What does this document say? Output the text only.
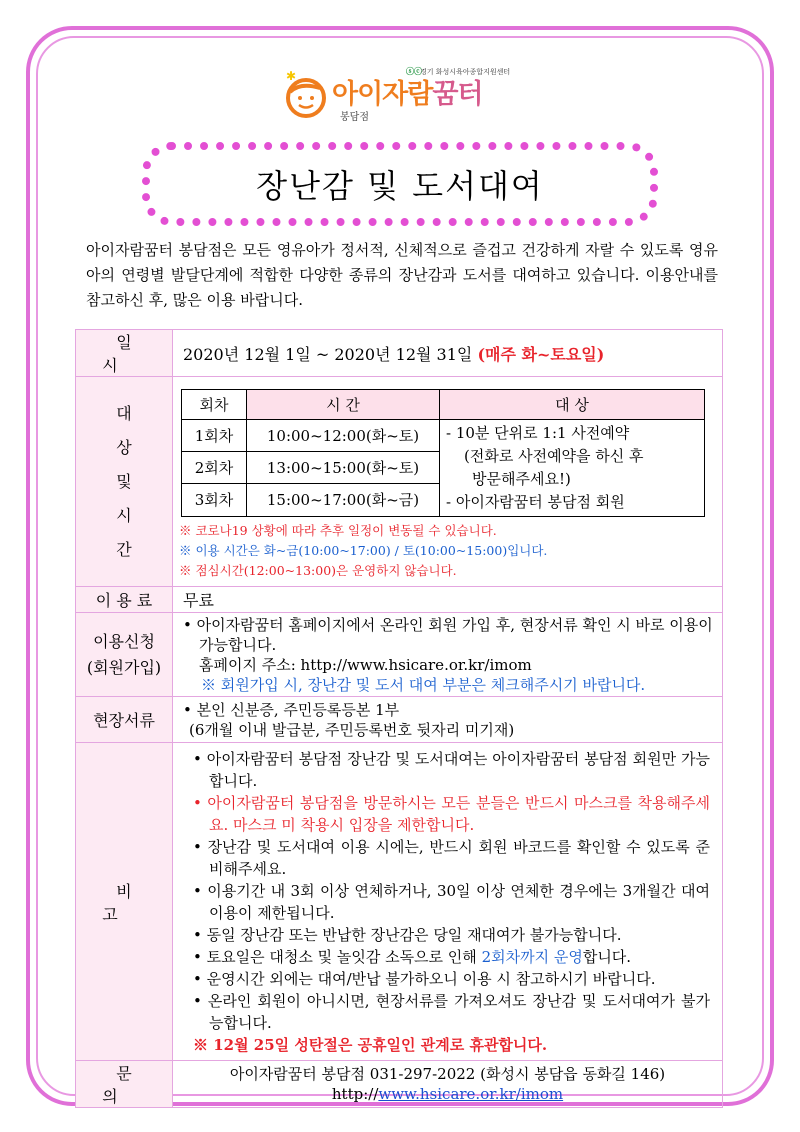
✱
아이자람꿈터
봉담점
ⓢⓒ경기 화성시육아종합지원센터
장난감 및 도서대여
아이자람꿈터 봉담점은 모든 영유아가 정서적, 신체적으로 즐겁고 건강하게 자랄 수 있도록 영유아의 연령별 발달단계에 적합한 다양한 종류의 장난감과 도서를 대여하고 있습니다. 이용안내를 참고하신 후, 많은 이용 바랍니다.
일 시	2020년 12월 1일 ~ 2020년 12월 31일 (매주 화~토요일)

대 상
및
시 간

회차	시 간	대 상
1회차	10:00~12:00(화~토)	- 10분 단위로 1:1 사전예약
(전화로 사전예약을 하신 후
방문해주세요!)
- 아이자람꿈터 봉담점 회원

2회차	13:00~15:00(화~토)
3회차	15:00~17:00(화~금)
※ 코로나19 상황에 따라 추후 일정이 변동될 수 있습니다.
※ 이용 시간은 화~금(10:00~17:00) / 토(10:00~15:00)입니다.
※ 점심시간(12:00~13:00)은 운영하지 않습니다.

이 용 료	무료

이용신청
(회원가입)

• 아이자람꿈터 홈페이지에서 온라인 회원 가입 후, 현장서류 확인 시 바로 이용이 가능합니다.
홈페이지 주소: http://www.hsicare.or.kr/imom
※ 회원가입 시, 장난감 및 도서 대여 부분은 체크해주시기 바랍니다.

현장서류	
• 본인 신분증, 주민등록등본 1부
(6개월 이내 발급분, 주민등록번호 뒷자리 미기재)

비 고	
• 아이자람꿈터 봉담점 장난감 및 도서대여는 아이자람꿈터 봉담점 회원만 가능합니다.
• 아이자람꿈터 봉담점을 방문하시는 모든 분들은 반드시 마스크를 착용해주세요. 마스크 미 착용시 입장을 제한합니다.
• 장난감 및 도서대여 이용 시에는, 반드시 회원 바코드를 확인할 수 있도록 준비해주세요.
• 이용기간 내 3회 이상 연체하거나, 30일 이상 연체한 경우에는 3개월간 대여이용이 제한됩니다.
• 동일 장난감 또는 반납한 장난감은 당일 재대여가 불가능합니다.
• 토요일은 대청소 및 놀잇감 소독으로 인해 2회차까지 운영합니다.
• 운영시간 외에는 대여/반납 불가하오니 이용 시 참고하시기 바랍니다.
• 온라인 회원이 아니시면, 현장서류를 가져오셔도 장난감 및 도서대여가 불가능합니다.
※ 12월 25일 성탄절은 공휴일인 관계로 휴관합니다.

문 의	
아이자람꿈터 봉담점 031-297-2022 (화성시 봉담읍 동화길 146)
http://www.hsicare.or.kr/imom
